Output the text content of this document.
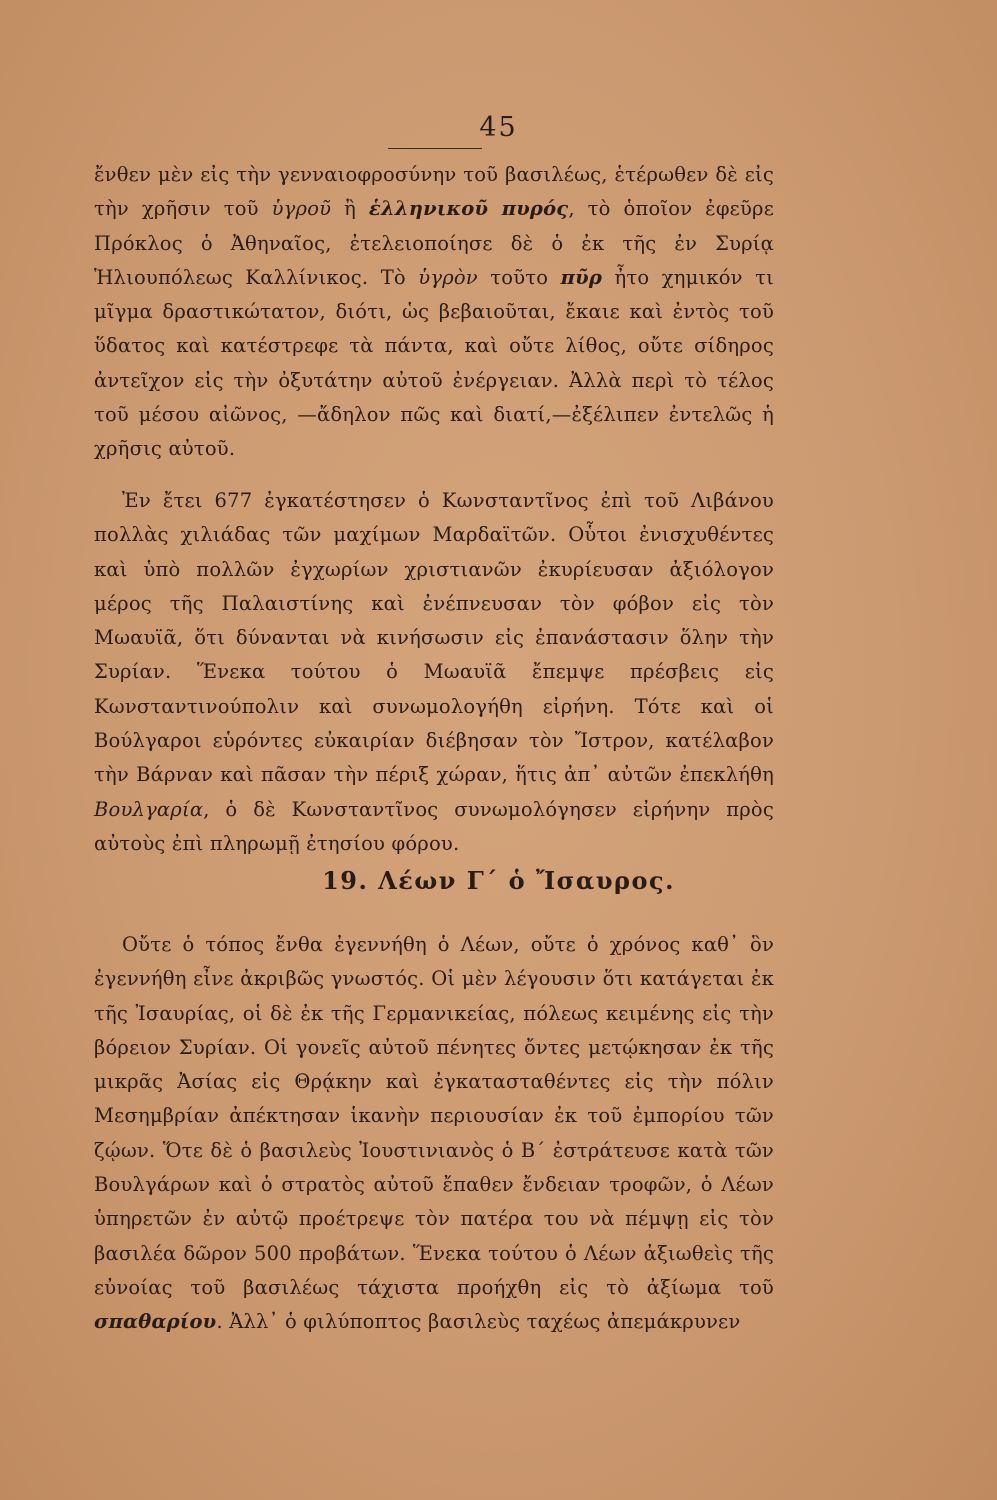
45

ἔνθεν μὲν εἰς τὴν γενναιοφροσύνην τοῦ βασιλέως, ἑτέρωθεν δὲ εἰς τὴν χρῆσιν τοῦ ὑγροῦ ἢ ἑλληνικοῦ πυρός, τὸ ὁποῖον ἐφεῦρε Πρόκλος ὁ Ἀθηναῖος, ἐτελειοποίησε δὲ ὁ ἐκ τῆς ἐν Συρίᾳ Ἡλιουπόλεως Καλλίνικος. Τὸ ὑγρὸν τοῦτο πῦρ ἦτο χημικόν τι μῖγμα δραστικώτατον, διότι, ὡς βεβαιοῦται, ἔκαιε καὶ ἐντὸς τοῦ ὕδατος καὶ κατέστρεφε τὰ πάντα, καὶ οὔτε λίθος, οὔτε σίδηρος ἀντεῖχον εἰς τὴν ὀξυτάτην αὐτοῦ ἐνέργειαν. Ἀλλὰ περὶ τὸ τέλος τοῦ μέσου αἰῶνος, —ἄδηλον πῶς καὶ διατί,—ἐξέλιπεν ἐντελῶς ἡ χρῆσις αὐτοῦ.

Ἐν ἔτει 677 ἐγκατέστησεν ὁ Κωνσταντῖνος ἐπὶ τοῦ Λιβάνου πολλὰς χιλιάδας τῶν μαχίμων Μαρδαϊτῶν. Οὗτοι ἐνισχυθέντες καὶ ὑπὸ πολλῶν ἐγχωρίων χριστιανῶν ἐκυρίευσαν ἀξιόλογον μέρος τῆς Παλαιστίνης καὶ ἐνέπνευσαν τὸν φόβον εἰς τὸν Μωαυϊᾶ, ὅτι δύνανται νὰ κινήσωσιν εἰς ἐπανάστασιν ὅλην τὴν Συρίαν. Ἕνεκα τούτου ὁ Μωαυϊᾶ ἔπεμψε πρέσβεις εἰς Κωνσταντινούπολιν καὶ συνωμολογήθη εἰρήνη. Τότε καὶ οἱ Βούλγαροι εὑρόντες εὐκαιρίαν διέβησαν τὸν Ἴστρον, κατέλαβον τὴν Βάρναν καὶ πᾶσαν τὴν πέριξ χώραν, ἥτις ἀπ᾽ αὐτῶν ἐπεκλήθη Βουλγαρία, ὁ δὲ Κωνσταντῖνος συνωμολόγησεν εἰρήνην πρὸς αὐτοὺς ἐπὶ πληρωμῇ ἐτησίου φόρου.

19. Λέων Γ΄ ὁ Ἴσαυρος.

Οὔτε ὁ τόπος ἔνθα ἐγεννήθη ὁ Λέων, οὔτε ὁ χρόνος καθ᾽ ὃν ἐγεννήθη εἶνε ἀκριβῶς γνωστός. Οἱ μὲν λέγουσιν ὅτι κατάγεται ἐκ τῆς Ἰσαυρίας, οἱ δὲ ἐκ τῆς Γερμανικείας, πόλεως κειμένης εἰς τὴν βόρειον Συρίαν. Οἱ γονεῖς αὐτοῦ πένητες ὄντες μετῴκησαν ἐκ τῆς μικρᾶς Ἀσίας εἰς Θρᾴκην καὶ ἐγκατασταθέντες εἰς τὴν πόλιν Μεσημβρίαν ἀπέκτησαν ἱκανὴν περιουσίαν ἐκ τοῦ ἐμπορίου τῶν ζῴων. Ὅτε δὲ ὁ βασιλεὺς Ἰουστινιανὸς ὁ Β΄ ἐστράτευσε κατὰ τῶν Βουλγάρων καὶ ὁ στρατὸς αὐτοῦ ἔπαθεν ἔνδειαν τροφῶν, ὁ Λέων ὑπηρετῶν ἐν αὐτῷ προέτρεψε τὸν πατέρα του νὰ πέμψῃ εἰς τὸν βασιλέα δῶρον 500 προβάτων. Ἕνεκα τούτου ὁ Λέων ἀξιωθεὶς τῆς εὐνοίας τοῦ βασιλέως τάχιστα προήχθη εἰς τὸ ἀξίωμα τοῦ σπαθαρίου. Ἀλλ᾽ ὁ φιλύποπτος βασιλεὺς ταχέως ἀπεμάκρυνεν
